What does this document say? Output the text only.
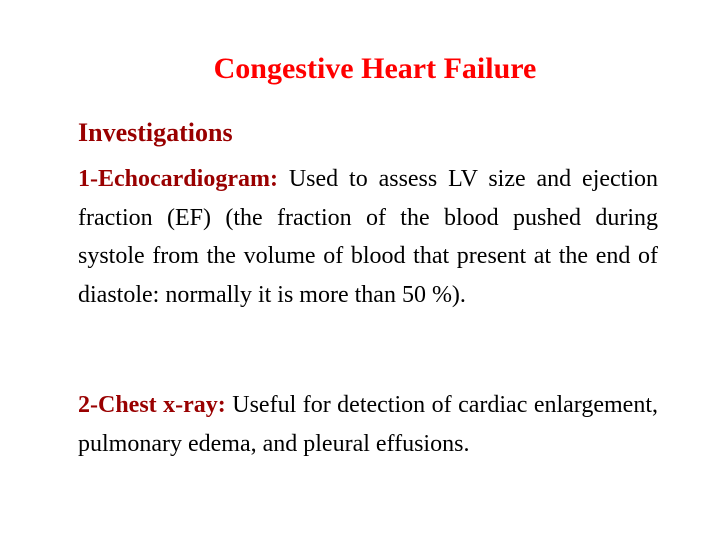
Congestive Heart Failure
Investigations
1-Echocardiogram: Used to assess LV size and ejection fraction (EF) (the fraction of the blood pushed during systole from the volume of blood that present at the end of diastole: normally it is more than 50 %).
2-Chest x-ray: Useful for detection of cardiac enlargement, pulmonary edema, and pleural effusions.
